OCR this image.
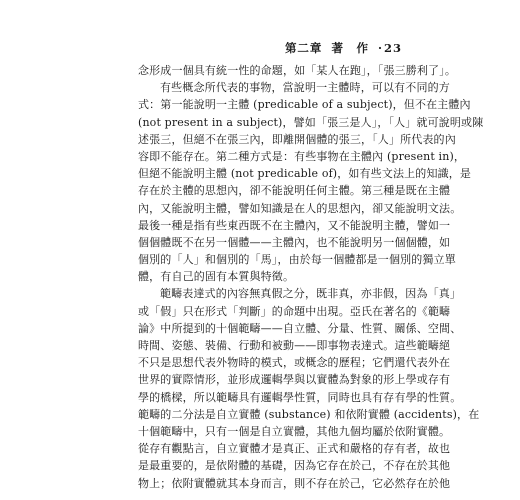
第二章 著　作 ·23
念形成一個具有統一性的命題，如「某人在跑」，「張三勝利了」。
有些概念所代表的事物，當說明一主體時，可以有不同的方
式：第一能說明一主體 (predicable of a subject)，但不在主體內
(not present in a subject)，譬如「張三是人」，「人」就可說明或陳
述張三，但絕不在張三內，即離開個體的張三，「人」所代表的內
容即不能存在。第二種方式是：有些事物在主體內 (present in)，
但絕不能說明主體 (not predicable of)，如有些文法上的知識，是
存在於主體的思想內，卻不能說明任何主體。第三種是既在主體
內，又能說明主體，譬如知識是在人的思想內，卻又能說明文法。
最後一種是指有些東西既不在主體內，又不能說明主體，譬如一
個個體既不在另一個體——主體內，也不能說明另一個個體，如
個別的「人」和個別的「馬」，由於每一個體都是一個別的獨立單
體，有自己的固有本質與特徵。
範疇表達式的內容無真假之分，既非真，亦非假，因為「真」
或「假」只在形式「判斷」的命題中出現。亞氏在著名的《範疇
論》中所提到的十個範疇——自立體、分量、性質、關係、空間、
時間、姿態、裝備、行動和被動——即事物表達式。這些範疇絕
不只是思想代表外物時的模式，或概念的歷程；它們還代表外在
世界的實際情形，並形成邏輯學與以實體為對象的形上學或存有
學的橋樑，所以範疇具有邏輯學性質，同時也具有存有學的性質。
範疇的二分法是自立實體 (substance) 和依附實體 (accidents)，在
十個範疇中，只有一個是自立實體，其他九個均屬於依附實體。
從存有觀點言，自立實體才是真正、正式和嚴格的存有者，故也
是最重要的，是依附體的基礎，因為它存在於己，不存在於其他
物上；依附實體就其本身而言，則不存在於己，它必然存在於他
